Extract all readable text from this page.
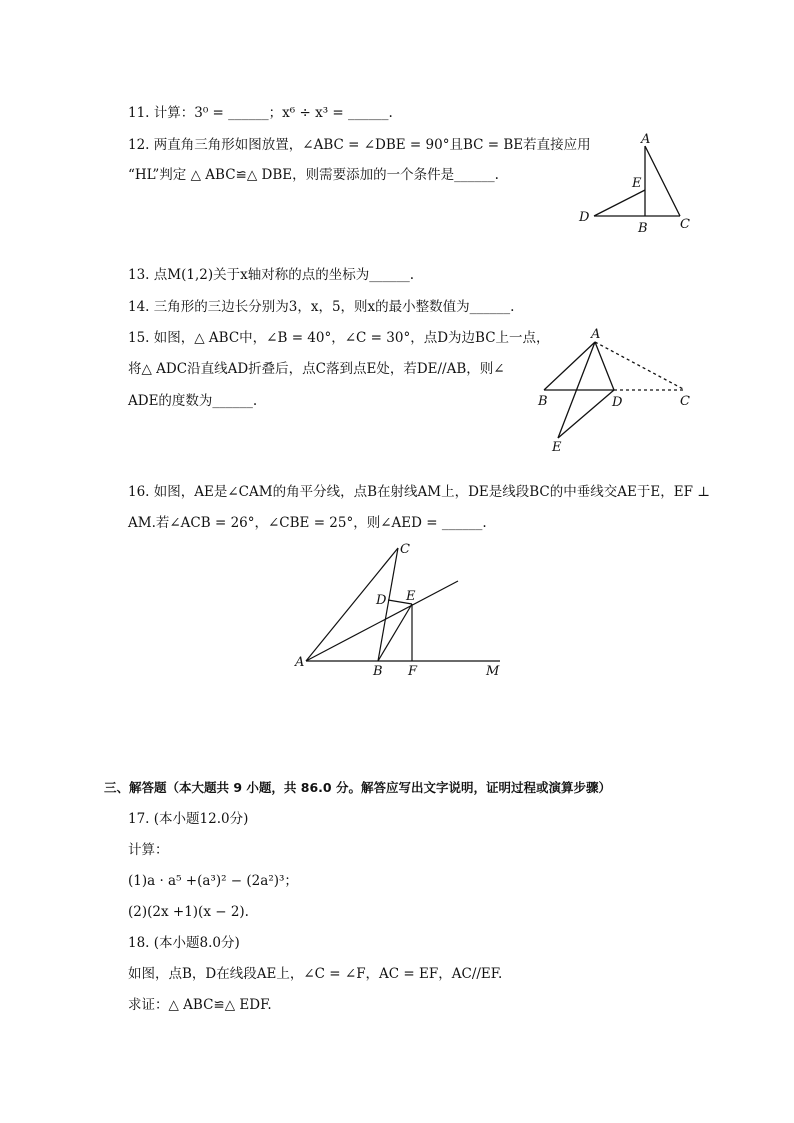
11. 计算：3⁰ = ______；x⁶ ÷ x³ = ______.
12. 两直角三角形如图放置，∠ABC = ∠DBE = 90°且BC = BE若直接应用
“HL”判定 △ ABC≌△ DBE，则需要添加的一个条件是______.
A
E
D
B C
13. 点M(1,2)关于x轴对称的点的坐标为______.
14. 三角形的三边长分别为3，x，5，则x的最小整数值为______.
15. 如图，△ ABC中，∠B = 40°，∠C = 30°，点D为边BC上一点，
将△ ADC沿直线AD折叠后，点C落到点E处，若DE//AB，则∠
ADE的度数为______.
A
B	D	C
E
16. 如图，AE是∠CAM的角平分线，点B在射线AM上，DE是线段BC的中垂线交AE于E，EF ⊥
AM.若∠ACB = 26°，∠CBE = 25°，则∠AED = ______.
C
D E
A
B F	M
三、解答题（本大题共 9 小题，共 86.0 分。解答应写出文字说明，证明过程或演算步骤）
17. (本小题12.0分)
计算：
(1)a · a⁵ +(a³)² − (2a²)³；
(2)(2x +1)(x − 2).
18. (本小题8.0分)
如图，点B，D在线段AE上，∠C = ∠F，AC = EF，AC//EF.
求证：△ ABC≌△ EDF.
